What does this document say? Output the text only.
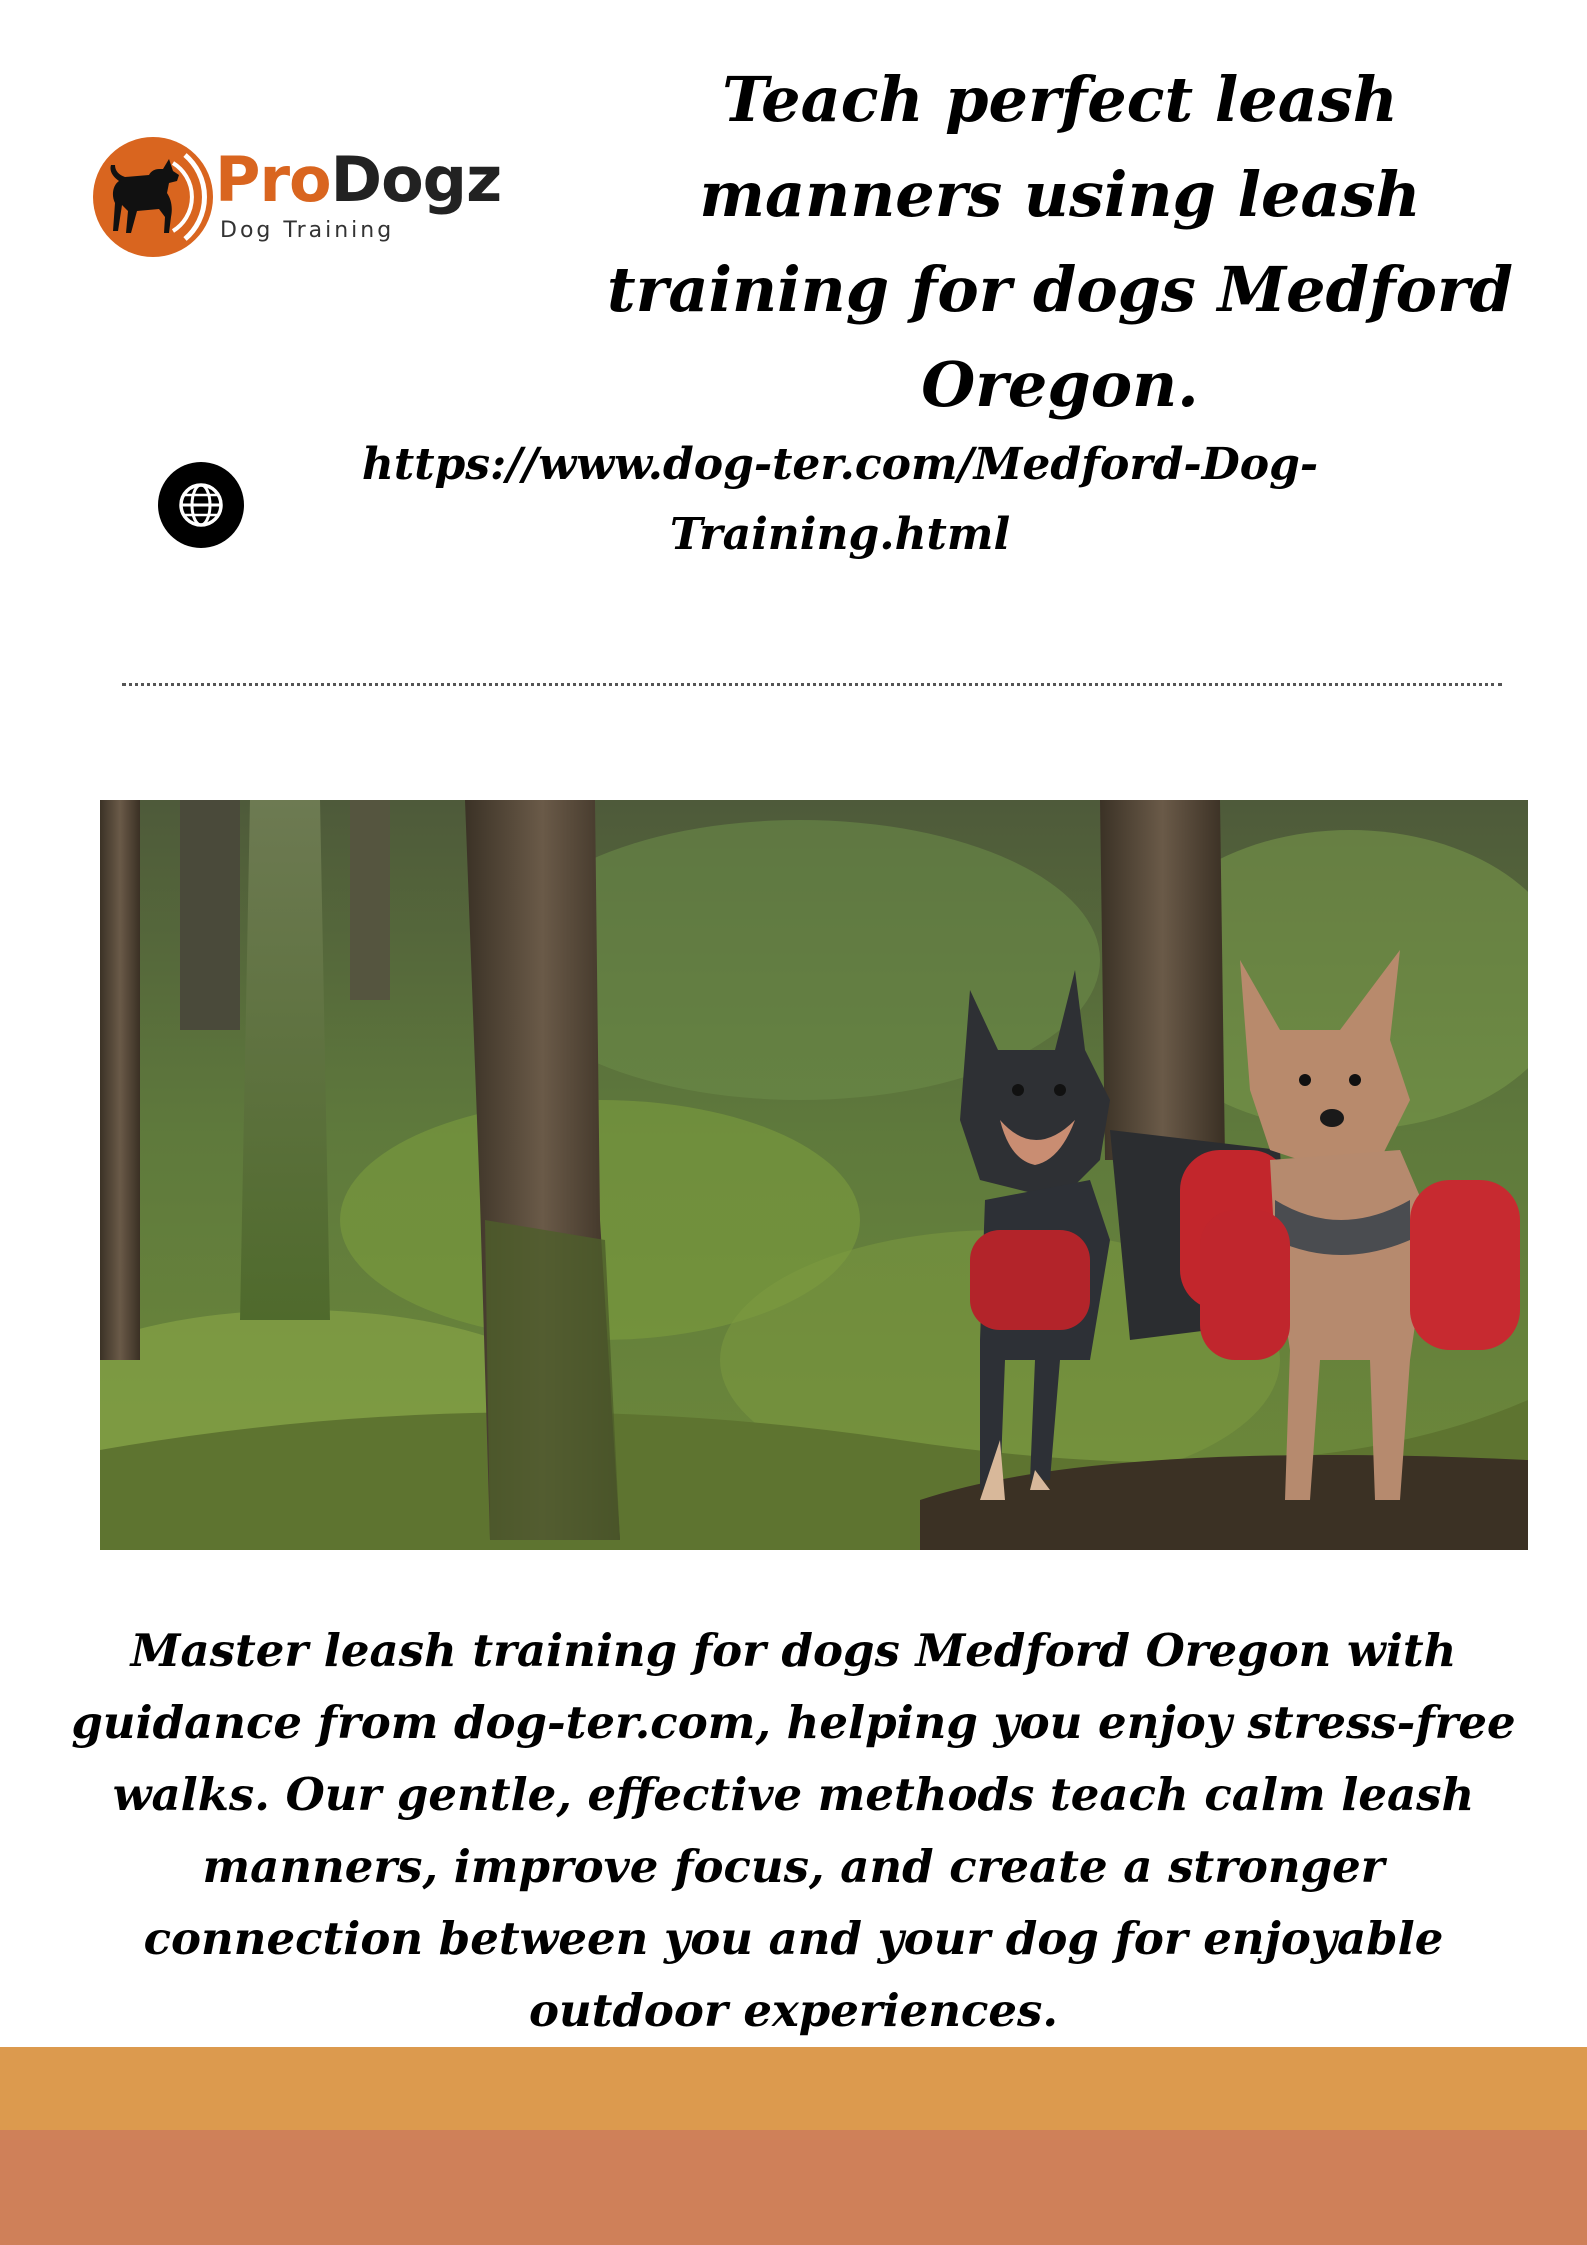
ProDogz
Dog Training
Teach perfect leash manners using leash training for dogs Medford Oregon.
https://www.dog-ter.com/Medford-Dog-Training.html

Master leash training for dogs Medford Oregon with guidance from dog-ter.com, helping you enjoy stress-free walks. Our gentle, effective methods teach calm leash manners, improve focus, and create a stronger connection between you and your dog for enjoyable outdoor experiences.
